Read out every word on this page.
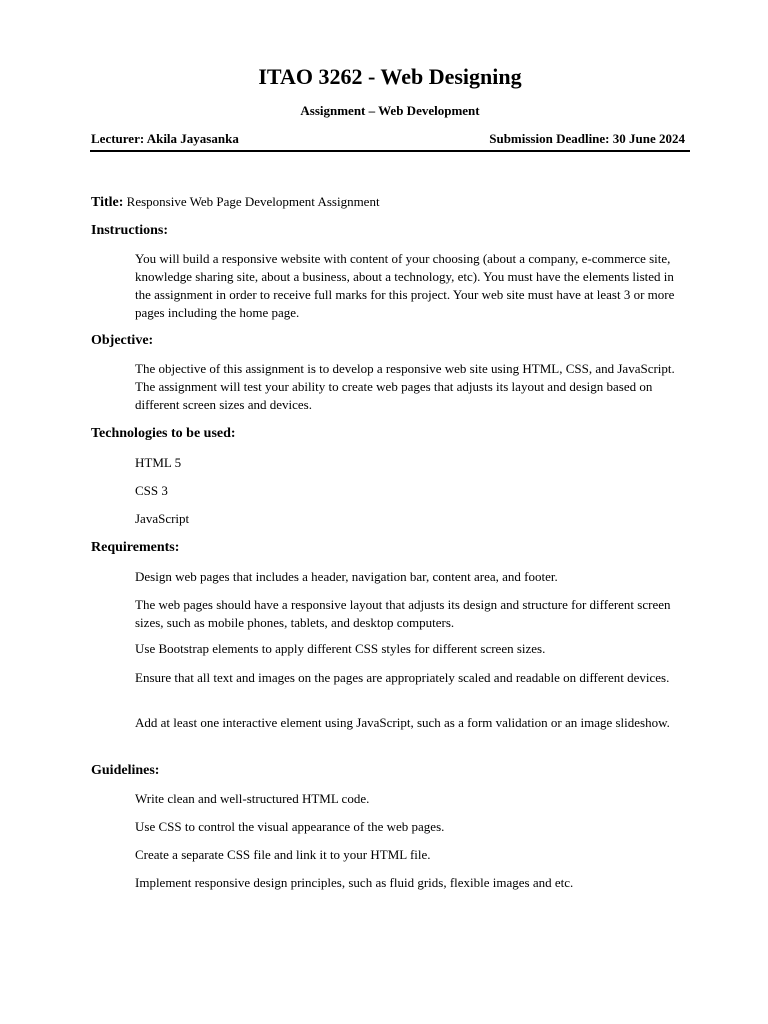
ITAO 3262 - Web Designing
Assignment – Web Development
Lecturer: Akila Jayasanka	Submission Deadline: 30 June 2024
Title: Responsive Web Page Development Assignment
Instructions:

You will build a responsive website with content of your choosing (about a company, e-commerce site, knowledge sharing site, about a business, about a technology, etc). You must have the elements listed in the assignment in order to receive full marks for this project. Your web site must have at least 3 or more pages including the home page.

Objective:

The objective of this assignment is to develop a responsive web site using HTML, CSS, and JavaScript. The assignment will test your ability to create web pages that adjusts its layout and design based on different screen sizes and devices.

Technologies to be used:
HTML 5
CSS 3
JavaScript
Requirements:

Design web pages that includes a header, navigation bar, content area, and footer.

The web pages should have a responsive layout that adjusts its design and structure for different screen sizes, such as mobile phones, tablets, and desktop computers.

Use Bootstrap elements to apply different CSS styles for different screen sizes.

Ensure that all text and images on the pages are appropriately scaled and readable on different devices.

Add at least one interactive element using JavaScript, such as a form validation or an image slideshow.

Guidelines:

Write clean and well-structured HTML code.

Use CSS to control the visual appearance of the web pages.

Create a separate CSS file and link it to your HTML file.

Implement responsive design principles, such as fluid grids, flexible images and etc.
